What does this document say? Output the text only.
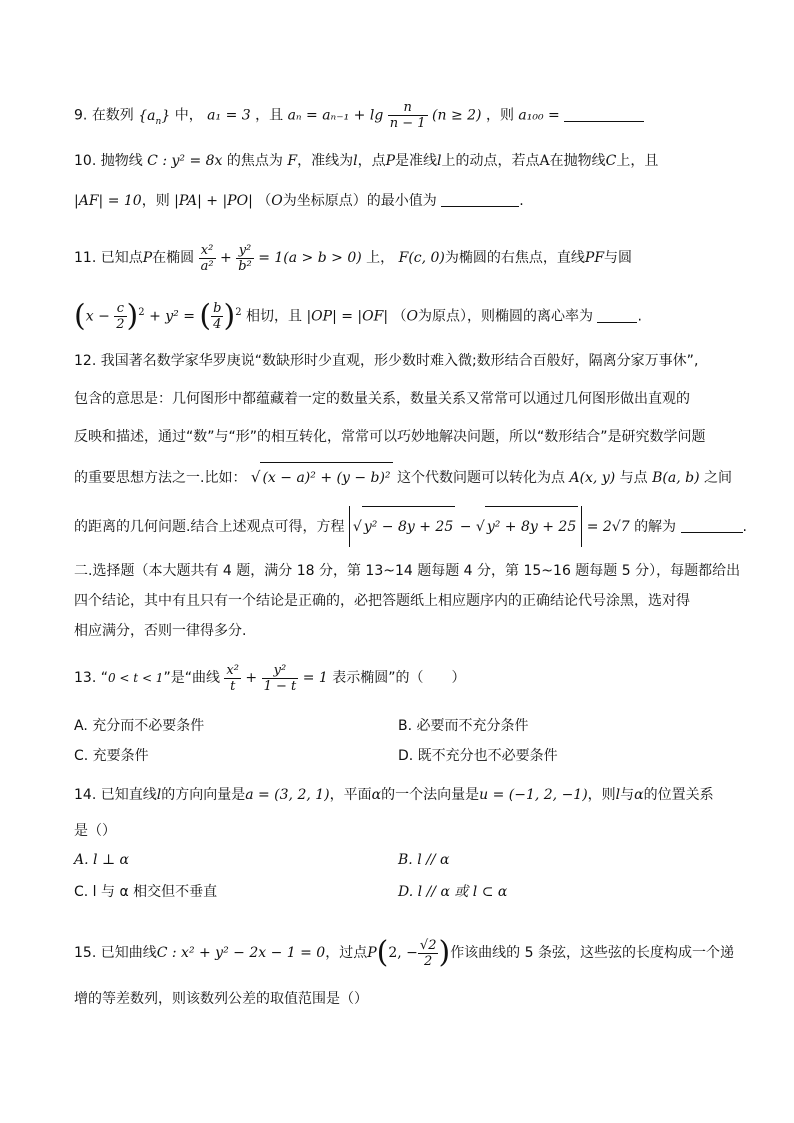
9. 在数列 $\{a_n\}$ 中， a₁ = 3 ，且 $a_n = a_{n-1} + \lg \frac{n}{n - 1} (n \ge 2)$ ，则 a₁₀₀ =
10. 抛物线 C : y² = 8x 的焦点为 F，准线为l，点P是准线l上的动点，若点A在抛物线C上，且
|AF| = 10，则 |PA| + |PO| （O为坐标原点）的最小值为	.
11. 已知点P在椭圆 $\frac{\text{x²}}{\text{a²}} + \frac{\text{y²}}{\text{b²}} = 1(a > b > 0)$ 上， F(c, 0)为椭圆的右焦点，直线PF与圆
$(x - \frac{c}{2} )^2 + y^2$ = ( $\frac{b}{4} )^2$ 相切，且 |OP| = |OF| （O为原点），则椭圆的离心率为	.
12. 我国著名数学家华罗庚说“数缺形时少直观，形少数时难入微;数形结合百般好，隔离分家万事休”,
包含的意思是：几何图形中都蕴藏着一定的数量关系，数量关系又常常可以通过几何图形做出直观的
反映和描述，通过“数”与“形”的相互转化，常常可以巧妙地解决问题，所以“数形结合”是研究数学问题
的重要思想方法之一.比如： √ (x − a)² + (y − b)² 这个代数问题可以转化为点 A(x, y) 与点 B(a, b) 之间
的距离的几何问题.结合上述观点可得，方程 √ y² − 8y + 25 − √ y² + 8y + 25 = 2√7 的解为	.
二.选择题（本大题共有 4 题，满分 18 分，第 13~14 题每题 4 分，第 15~16 题每题 5 分），每题都给出
四个结论，其中有且只有一个结论是正确的，必把答题纸上相应题序内的正确结论代号涂黑，选对得
相应满分，否则一律得多分.
13. “0 < t < 1”是“曲线 $\frac{\text{x²}}{t} + \frac{\text{y²}}{1 - t} = 1$ 表示椭圆”的（　　）
A. 充分而不必要条件	B. 必要而不充分条件
C. 充要条件	D. 既不充分也不必要条件
14. 已知直线l的方向向量是a = (3, 2, 1)，平面α的一个法向量是u = (−1, 2, −1)，则l与α的位置关系
是（）
A. l ⊥ α	B. l // α
C. l 与 α 相交但不垂直	D. l // α 或 l ⊂ α
15. 已知曲线C : x² + y² − 2x − 1 = 0，过点P(2, − $\frac{√2}{2}$ )作该曲线的 5 条弦，这些弦的长度构成一个递
增的等差数列，则该数列公差的取值范围是（）
